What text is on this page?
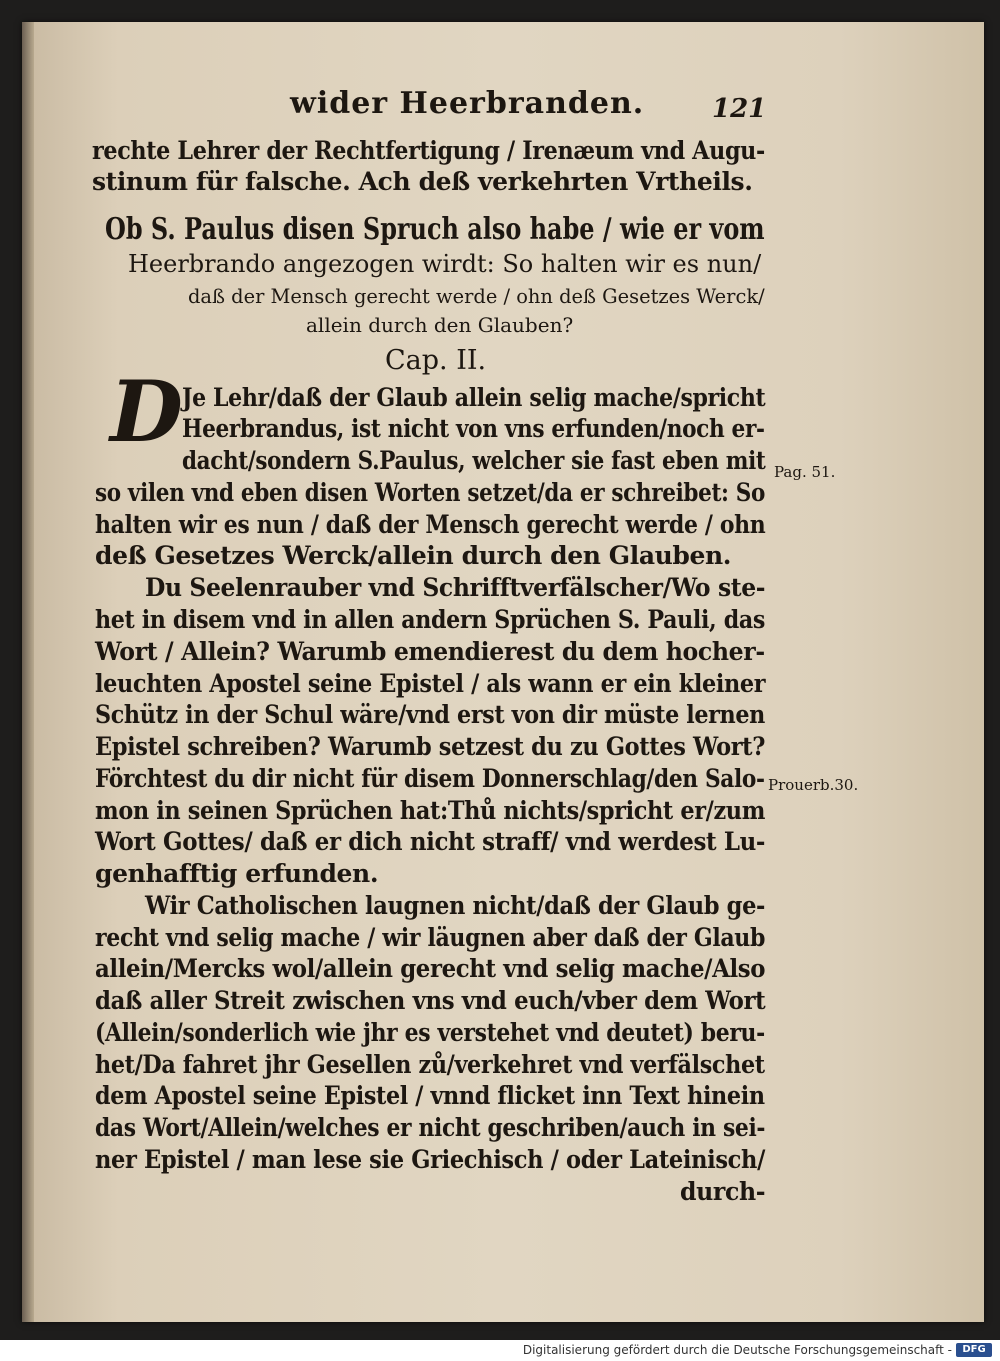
wider Heerbranden.	121
rechte Lehrer der Rechtfertigung / Irenæum vnd Augu-
stinum für falsche. Ach deß verkehrten Vrtheils.
Ob S. Paulus disen Spruch also habe / wie er vom
Heerbrando angezogen wirdt: So halten wir es nun/
daß der Mensch gerecht werde / ohn deß Gesetzes Werck/
allein durch den Glauben?
Cap. II.
D Je Lehr/daß der Glaub allein selig mache/spricht
Heerbrandus, ist nicht von vns erfunden/noch er-
dacht/sondern S.Paulus, welcher sie fast eben mit
so vilen vnd eben disen Worten setzet/da er schreibet: So
halten wir es nun / daß der Mensch gerecht werde / ohn
deß Gesetzes Werck/allein durch den Glauben.
Du Seelenrauber vnd Schrifftverfälscher/Wo ste-
het in disem vnd in allen andern Sprüchen S. Pauli, das
Wort / Allein? Warumb emendierest du dem hocher-
leuchten Apostel seine Epistel / als wann er ein kleiner
Schütz in der Schul wäre/vnd erst von dir müste lernen
Epistel schreiben? Warumb setzest du zu Gottes Wort?
Förchtest du dir nicht für disem Donnerschlag/den Salo-
mon in seinen Sprüchen hat:Thů nichts/spricht er/zum
Wort Gottes/ daß er dich nicht straff/ vnd werdest Lu-
genhafftig erfunden.
Wir Catholischen laugnen nicht/daß der Glaub ge-
recht vnd selig mache / wir läugnen aber daß der Glaub
allein/Mercks wol/allein gerecht vnd selig mache/Also
daß aller Streit zwischen vns vnd euch/vber dem Wort
(Allein/sonderlich wie jhr es verstehet vnd deutet) beru-
het/Da fahret jhr Gesellen zů/verkehret vnd verfälschet
dem Apostel seine Epistel / vnnd flicket inn Text hinein
das Wort/Allein/welches er nicht geschriben/auch in sei-
ner Epistel / man lese sie Griechisch / oder Lateinisch/
durch-
Pag. 51.
Prouerb.30.
Digitalisierung gefördert durch die Deutsche Forschungsgemeinschaft -	DFG
